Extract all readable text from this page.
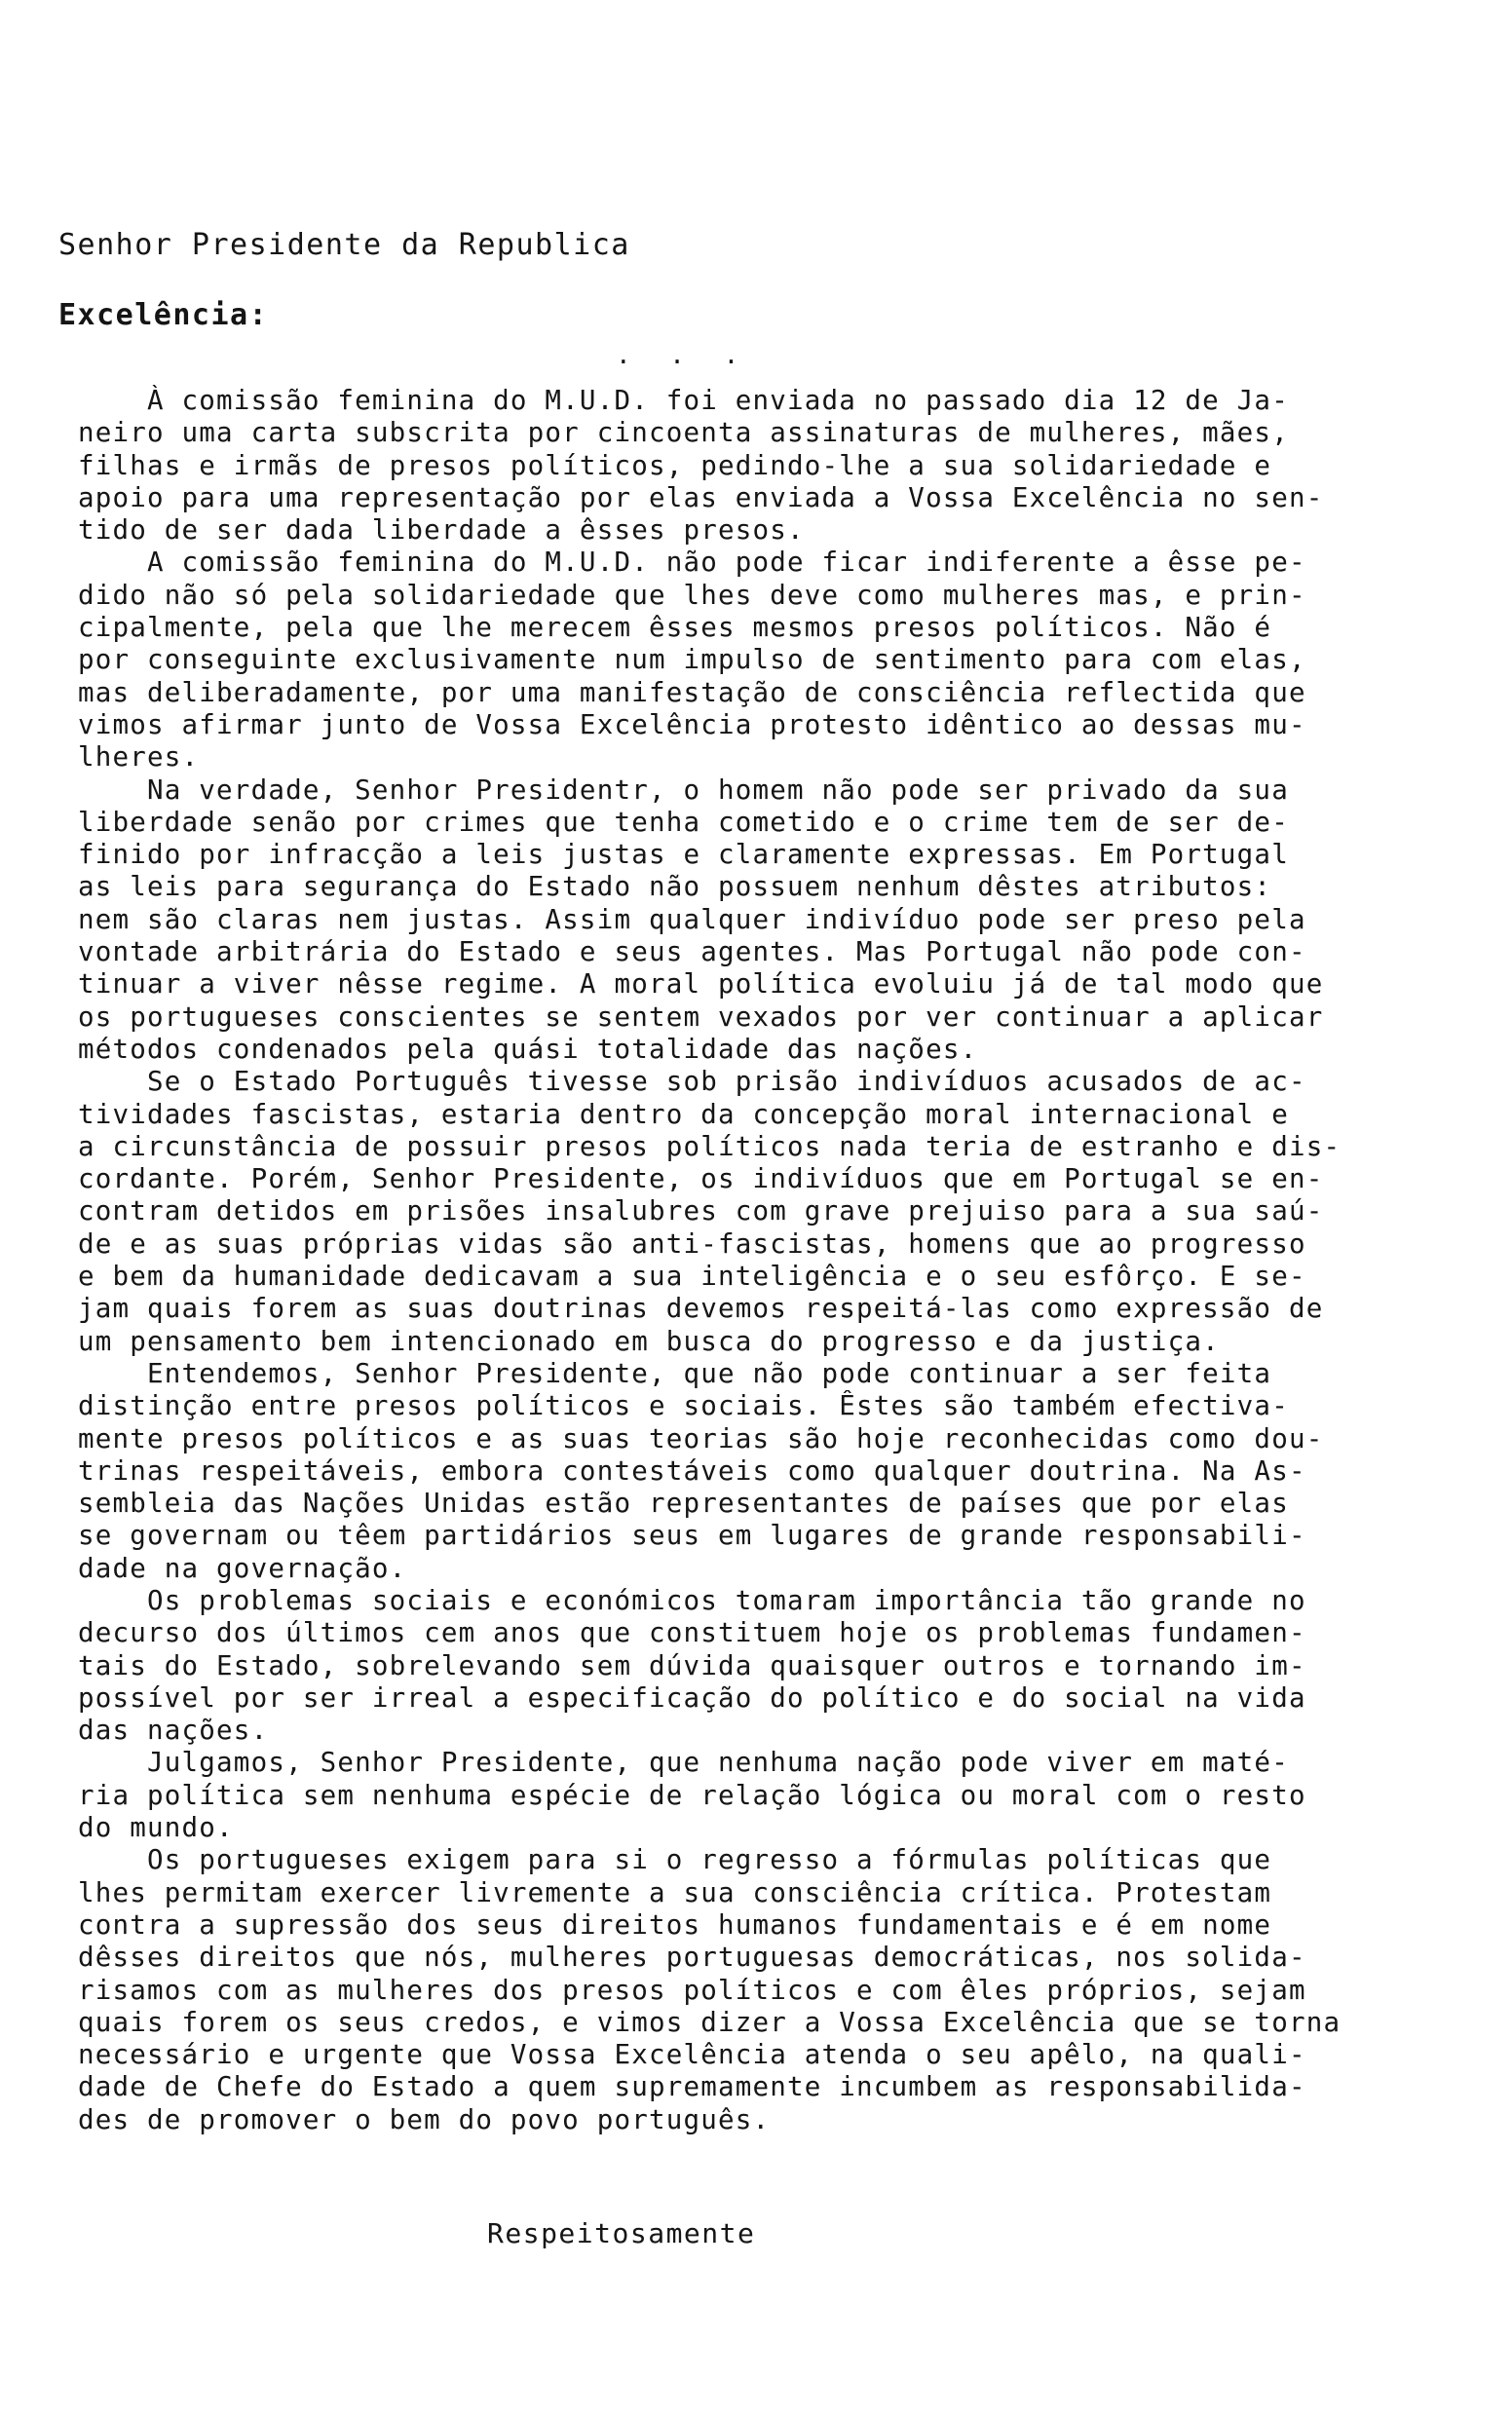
Senhor Presidente da Republica
Excelência:
. . .
À comissão feminina do M.U.D. foi enviada no passado dia 12 de Ja-
neiro uma carta subscrita por cincoenta assinaturas de mulheres, mães,
filhas e irmãs de presos políticos, pedindo-lhe a sua solidariedade e
apoio para uma representação por elas enviada a Vossa Excelência no sen-
tido de ser dada liberdade a êsses presos.
A comissão feminina do M.U.D. não pode ficar indiferente a êsse pe-
dido não só pela solidariedade que lhes deve como mulheres mas, e prin-
cipalmente, pela que lhe merecem êsses mesmos presos políticos. Não é
por conseguinte exclusivamente num impulso de sentimento para com elas,
mas deliberadamente, por uma manifestação de consciência reflectida que
vimos afirmar junto de Vossa Excelência protesto idêntico ao dessas mu-
lheres.
Na verdade, Senhor Presidentr, o homem não pode ser privado da sua
liberdade senão por crimes que tenha cometido e o crime tem de ser de-
finido por infracção a leis justas e claramente expressas. Em Portugal
as leis para segurança do Estado não possuem nenhum dêstes atributos:
nem são claras nem justas. Assim qualquer indivíduo pode ser preso pela
vontade arbitrária do Estado e seus agentes. Mas Portugal não pode con-
tinuar a viver nêsse regime. A moral política evoluiu já de tal modo que
os portugueses conscientes se sentem vexados por ver continuar a aplicar
métodos condenados pela quási totalidade das nações.
Se o Estado Português tivesse sob prisão indivíduos acusados de ac-
tividades fascistas, estaria dentro da concepção moral internacional e
a circunstância de possuir presos políticos nada teria de estranho e dis-
cordante. Porém, Senhor Presidente, os indivíduos que em Portugal se en-
contram detidos em prisões insalubres com grave prejuiso para a sua saú-
de e as suas próprias vidas são anti-fascistas, homens que ao progresso
e bem da humanidade dedicavam a sua inteligência e o seu esfôrço. E se-
jam quais forem as suas doutrinas devemos respeitá-las como expressão de
um pensamento bem intencionado em busca do progresso e da justiça.
Entendemos, Senhor Presidente, que não pode continuar a ser feita
distinção entre presos políticos e sociais. Êstes são também efectiva-
mente presos políticos e as suas teorias são hoje reconhecidas como dou-
trinas respeitáveis, embora contestáveis como qualquer doutrina. Na As-
sembleia das Nações Unidas estão representantes de países que por elas
se governam ou têem partidários seus em lugares de grande responsabili-
dade na governação.
Os problemas sociais e económicos tomaram importância tão grande no
decurso dos últimos cem anos que constituem hoje os problemas fundamen-
tais do Estado, sobrelevando sem dúvida quaisquer outros e tornando im-
possível por ser irreal a especificação do político e do social na vida
das nações.
Julgamos, Senhor Presidente, que nenhuma nação pode viver em maté-
ria política sem nenhuma espécie de relação lógica ou moral com o resto
do mundo.
Os portugueses exigem para si o regresso a fórmulas políticas que
lhes permitam exercer livremente a sua consciência crítica. Protestam
contra a supressão dos seus direitos humanos fundamentais e é em nome
dêsses direitos que nós, mulheres portuguesas democráticas, nos solida-
risamos com as mulheres dos presos políticos e com êles próprios, sejam
quais forem os seus credos, e vimos dizer a Vossa Excelência que se torna
necessário e urgente que Vossa Excelência atenda o seu apêlo, na quali-
dade de Chefe do Estado a quem supremamente incumbem as responsabilida-
des de promover o bem do povo português.
Respeitosamente
